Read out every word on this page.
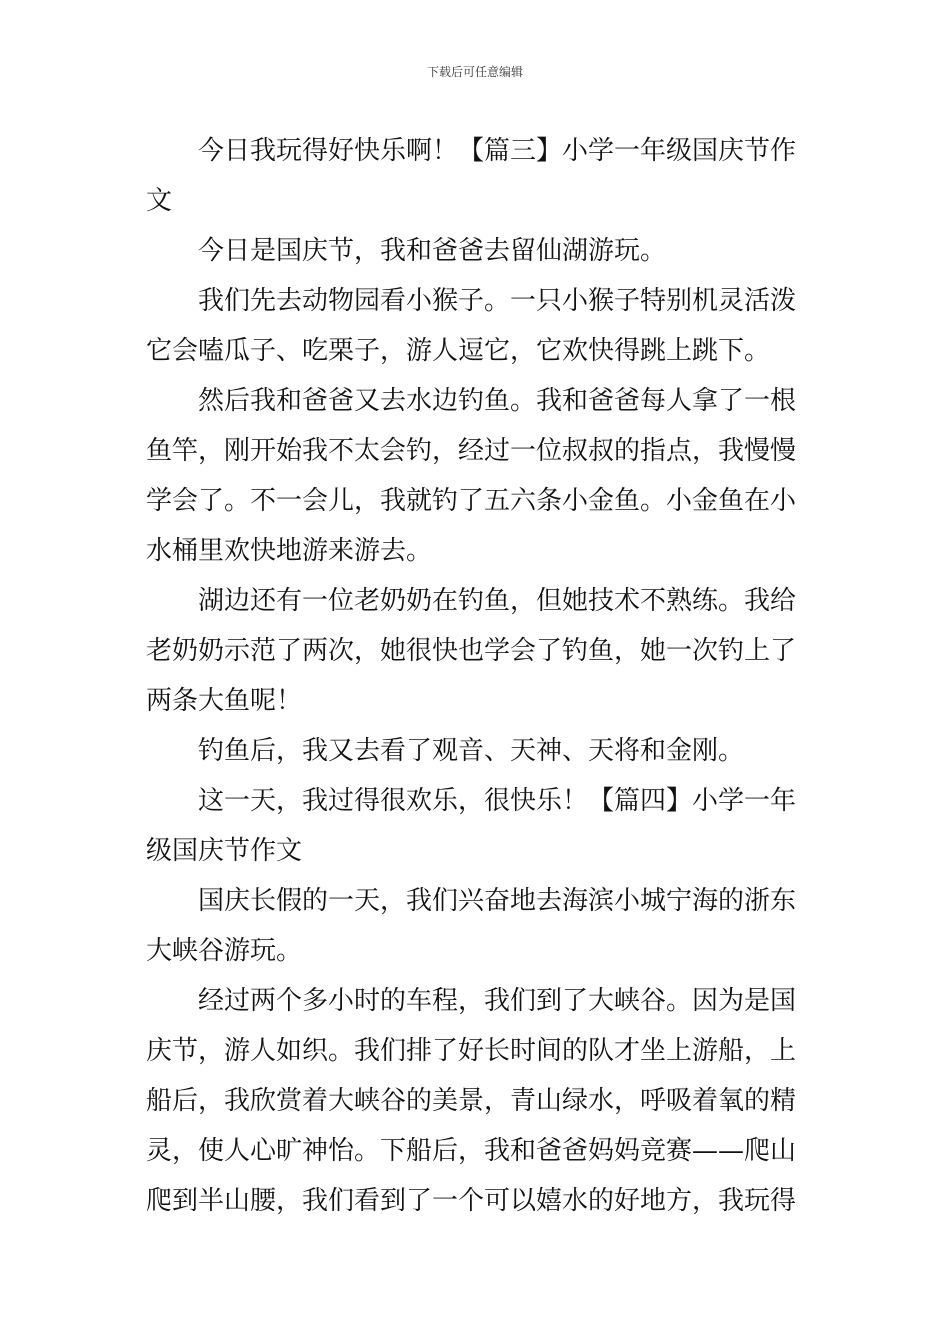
下载后可任意编辑
今日我玩得好快乐啊！【篇三】小学一年级国庆节作
文
今日是国庆节，我和爸爸去留仙湖游玩。
我们先去动物园看小猴子。一只小猴子特别机灵活泼
它会嗑瓜子、吃栗子，游人逗它，它欢快得跳上跳下。
然后我和爸爸又去水边钓鱼。我和爸爸每人拿了一根
鱼竿，刚开始我不太会钓，经过一位叔叔的指点，我慢慢
学会了。不一会儿，我就钓了五六条小金鱼。小金鱼在小
水桶里欢快地游来游去。
湖边还有一位老奶奶在钓鱼，但她技术不熟练。我给
老奶奶示范了两次，她很快也学会了钓鱼，她一次钓上了
两条大鱼呢！
钓鱼后，我又去看了观音、天神、天将和金刚。
这一天，我过得很欢乐，很快乐！【篇四】小学一年
级国庆节作文
国庆长假的一天，我们兴奋地去海滨小城宁海的浙东
大峡谷游玩。
经过两个多小时的车程，我们到了大峡谷。因为是国
庆节，游人如织。我们排了好长时间的队才坐上游船，上
船后，我欣赏着大峡谷的美景，青山绿水，呼吸着氧的精
灵，使人心旷神怡。下船后，我和爸爸妈妈竞赛——爬山
爬到半山腰，我们看到了一个可以嬉水的好地方，我玩得
